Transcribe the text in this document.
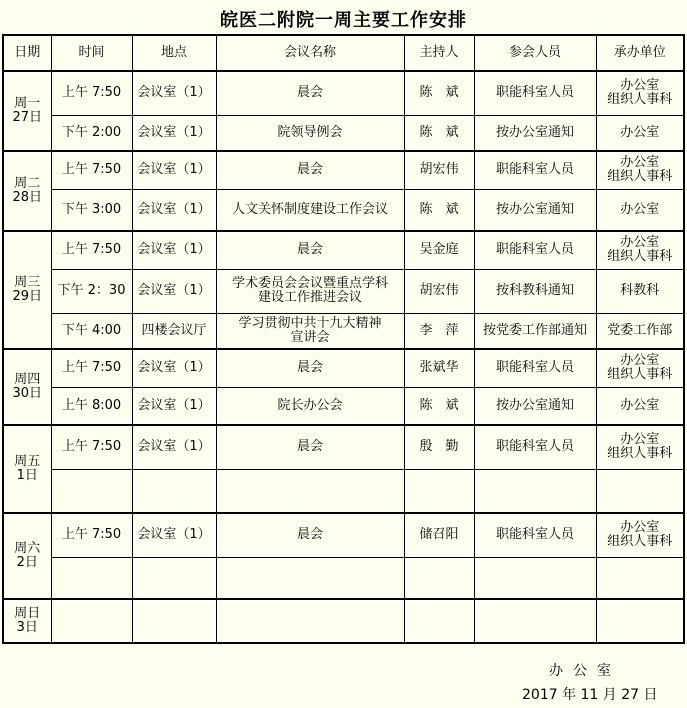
皖医二附院一周主要工作安排
日期	时间	地点	会议名称	主持人	参会人员	承办单位

周一
27日	上午 7:50	会议室（1）	晨会	陈　斌	职能科室人员	办公室
组织人事科

	下午 2:00	会议室（1）	院领导例会	陈　斌	按办公室通知	办公室

周二
28日	上午 7:50	会议室（1）	晨会	胡宏伟	职能科室人员	办公室
组织人事科

	下午 3:00	会议室（1）	人文关怀制度建设工作会议	陈　斌	按办公室通知	办公室

周三
29日	上午 7:50	会议室（1）	晨会	吴金庭	职能科室人员	办公室
组织人事科

	下午 2：30	会议室（1）	学术委员会会议暨重点学科
建设工作推进会议	胡宏伟	按科教科通知	科教科
	下午 4:00	四楼会议厅	学习贯彻中共十九大精神
宣讲会	李　萍	按党委工作部通知	党委工作部

周四
30日	上午 7:50	会议室（1）	晨会	张斌华	职能科室人员	办公室
组织人事科

	上午 8:00	会议室（1）	院长办公会	陈　斌	按办公室通知	办公室

周五
1日	上午 7:50	会议室（1）	晨会	殷　勤	职能科室人员	办公室
组织人事科

周六
2日	上午 7:50	会议室（1）	晨会	储召阳	职能科室人员	办公室
组织人事科

周日
3日						

办公室
2017 年 11 月 27 日
